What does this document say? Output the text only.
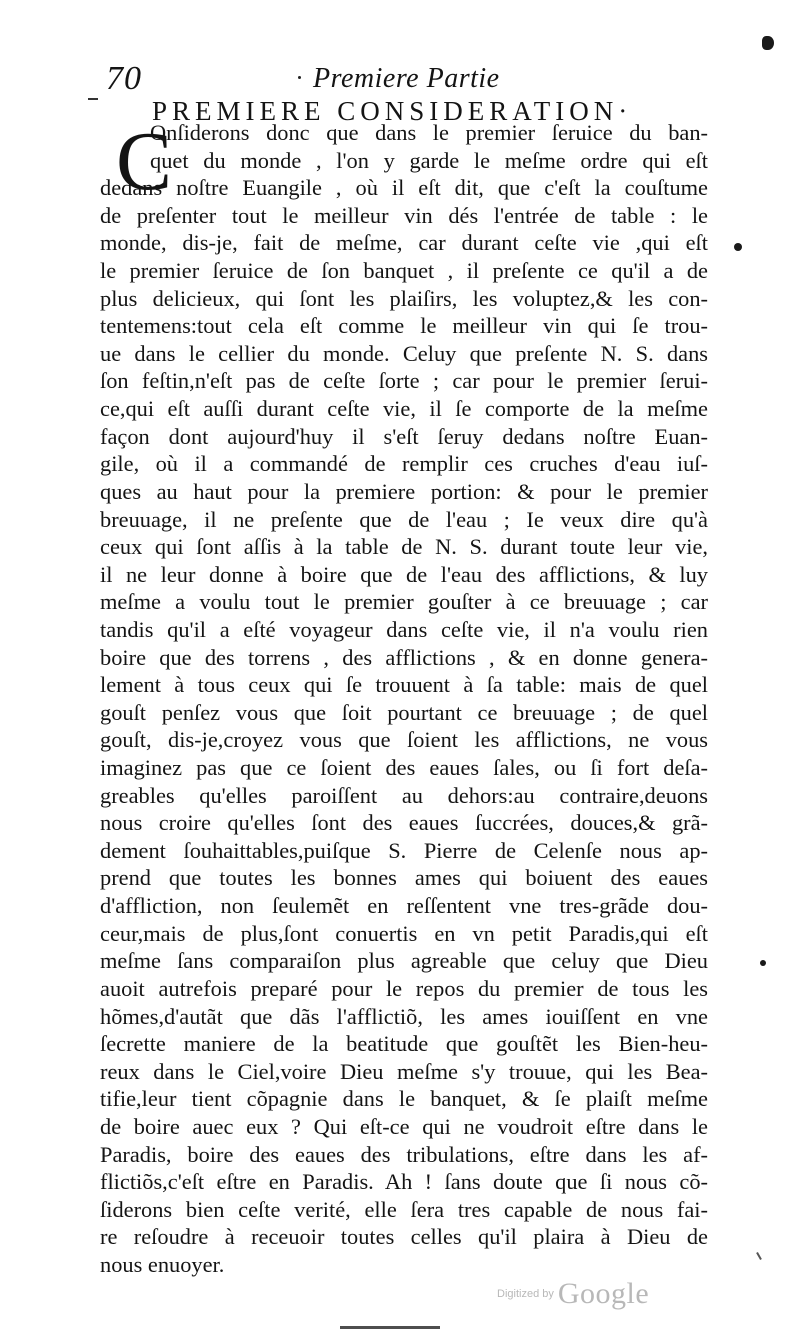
70	Premiere Partie
PREMIERE CONSIDERATION·
C
Onſiderons donc que dans le premier ſeruice du ban-
quet du monde , l'on y garde le meſme ordre qui eſt
dedans noſtre Euangile , où il eſt dit, que c'eſt la couſtume
de preſenter tout le meilleur vin dés l'entrée de table : le
monde, dis-je, fait de meſme, car durant ceſte vie ,qui eſt
le premier ſeruice de ſon banquet , il preſente ce qu'il a de
plus delicieux, qui ſont les plaiſirs, les voluptez,& les con-
tentemens:tout cela eſt comme le meilleur vin qui ſe trou-
ue dans le cellier du monde. Celuy que preſente N. S. dans
ſon feſtin,n'eſt pas de ceſte ſorte ; car pour le premier ſerui-
ce,qui eſt auſſi durant ceſte vie, il ſe comporte de la meſme
façon dont aujourd'huy il s'eſt ſeruy dedans noſtre Euan-
gile, où il a commandé de remplir ces cruches d'eau iuſ-
ques au haut pour la premiere portion: & pour le premier
breuuage, il ne preſente que de l'eau ; Ie veux dire qu'à
ceux qui ſont aſſis à la table de N. S. durant toute leur vie,
il ne leur donne à boire que de l'eau des afflictions, & luy
meſme a voulu tout le premier gouſter à ce breuuage ; car
tandis qu'il a eſté voyageur dans ceſte vie, il n'a voulu rien
boire que des torrens , des afflictions , & en donne genera-
lement à tous ceux qui ſe trouuent à ſa table: mais de quel
gouſt penſez vous que ſoit pourtant ce breuuage ; de quel
gouſt, dis-je,croyez vous que ſoient les afflictions, ne vous
imaginez pas que ce ſoient des eaues ſales, ou ſi fort deſa-
greables qu'elles paroiſſent au dehors:au contraire,deuons
nous croire qu'elles ſont des eaues ſuccrées, douces,& grã-
dement ſouhaittables,puiſque S. Pierre de Celenſe nous ap-
prend que toutes les bonnes ames qui boiuent des eaues
d'affliction, non ſeulemẽt en reſſentent vne tres-grãde dou-
ceur,mais de plus,ſont conuertis en vn petit Paradis,qui eſt
meſme ſans comparaiſon plus agreable que celuy que Dieu
auoit autrefois preparé pour le repos du premier de tous les
hõmes,d'autãt que dãs l'afflictiõ, les ames iouiſſent en vne
ſecrette maniere de la beatitude que gouſtẽt les Bien-heu-
reux dans le Ciel,voire Dieu meſme s'y trouue, qui les Bea-
tifie,leur tient cõpagnie dans le banquet, & ſe plaiſt meſme
de boire auec eux ? Qui eſt-ce qui ne voudroit eſtre dans le
Paradis, boire des eaues des tribulations, eſtre dans les af-
flictiõs,c'eſt eſtre en Paradis. Ah ! ſans doute que ſi nous cõ-
ſiderons bien ceſte verité, elle ſera tres capable de nous fai-
re reſoudre à receuoir toutes celles qu'il plaira à Dieu de
nous enuoyer.
Digitized by Google
